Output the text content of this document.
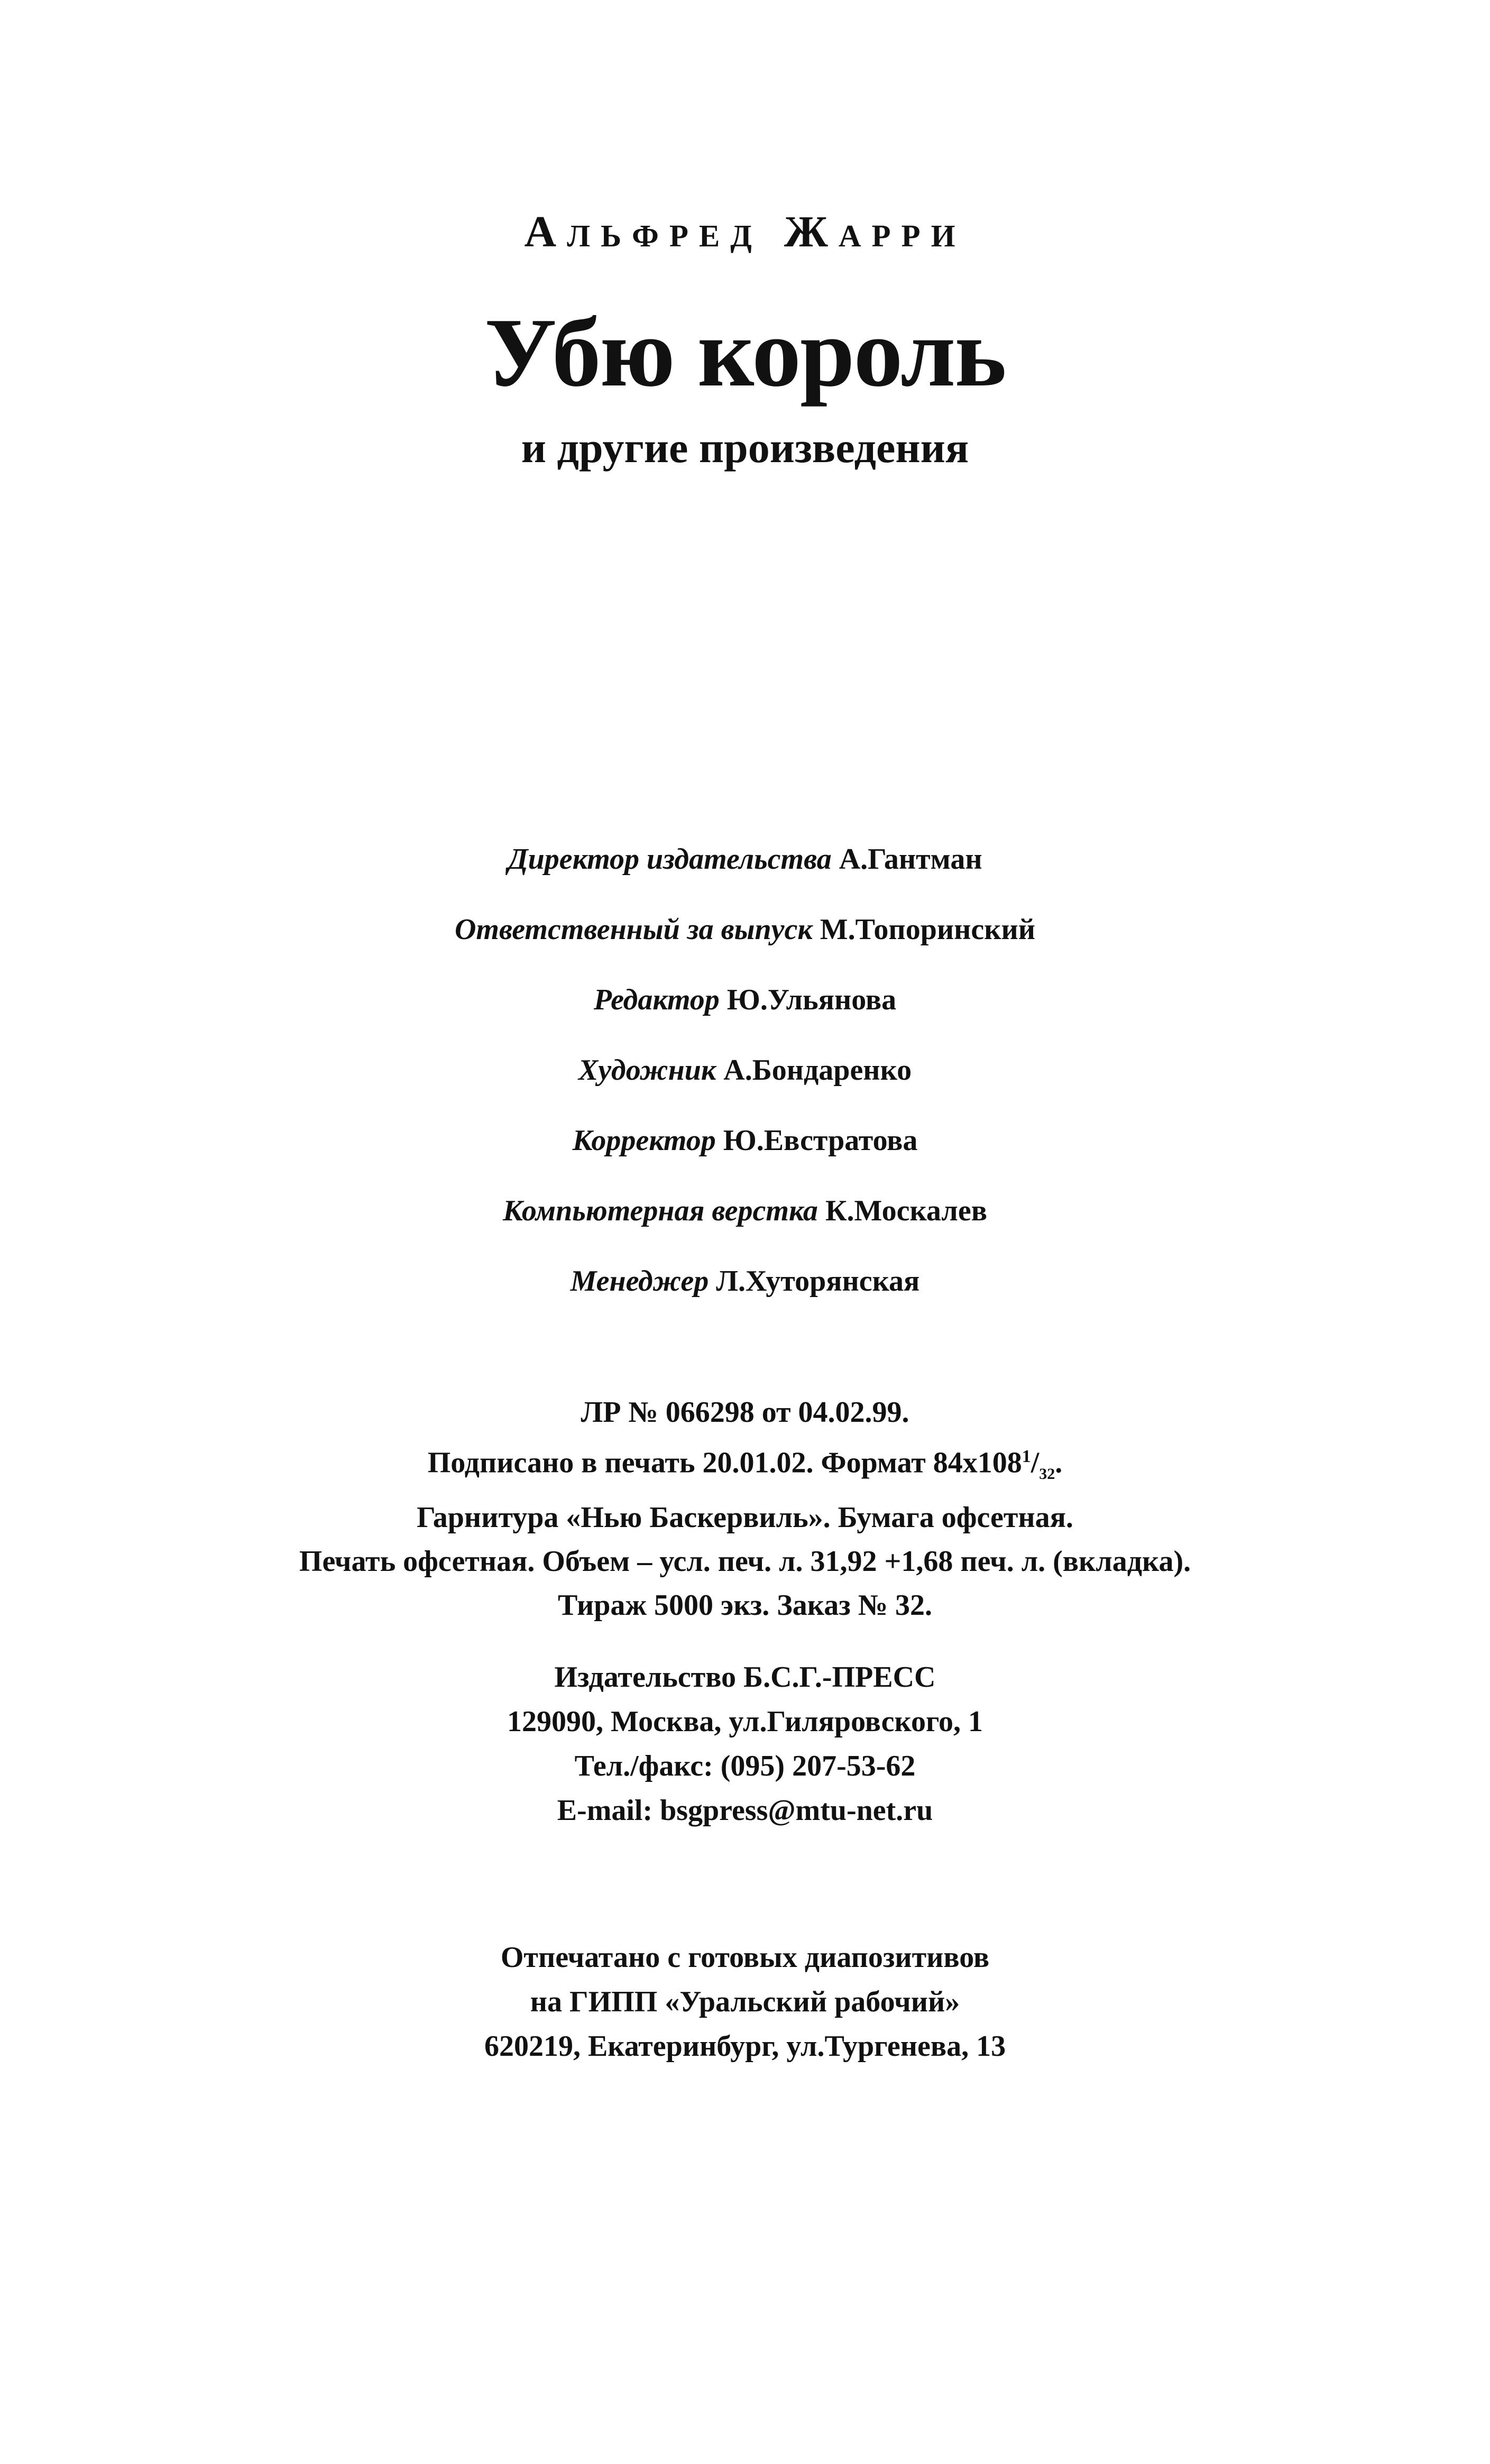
Альфред Жарри
Убю король
и другие произведения
Директор издательства А.Гантман
Ответственный за выпуск М.Топоринский
Редактор Ю.Ульянова
Художник А.Бондаренко
Корректор Ю.Евстратова
Компьютерная верстка К.Москалев
Менеджер Л.Хуторянская
ЛР № 066298 от 04.02.99.
Подписано в печать 20.01.02. Формат $84x108^1/_{32}$.
Гарнитура «Нью Баскервиль». Бумага офсетная.
Печать офсетная. Объем – усл. печ. л. 31,92 +1,68 печ. л. (вкладка).
Тираж 5000 экз. Заказ № 32.
Издательство Б.С.Г.-ПРЕСС
129090, Москва, ул.Гиляровского, 1
Тел./факс: (095) 207-53-62
E-mail: bsgpress@mtu-net.ru
Отпечатано с готовых диапозитивов
на ГИПП «Уральский рабочий»
620219, Екатеринбург, ул.Тургенева, 13
